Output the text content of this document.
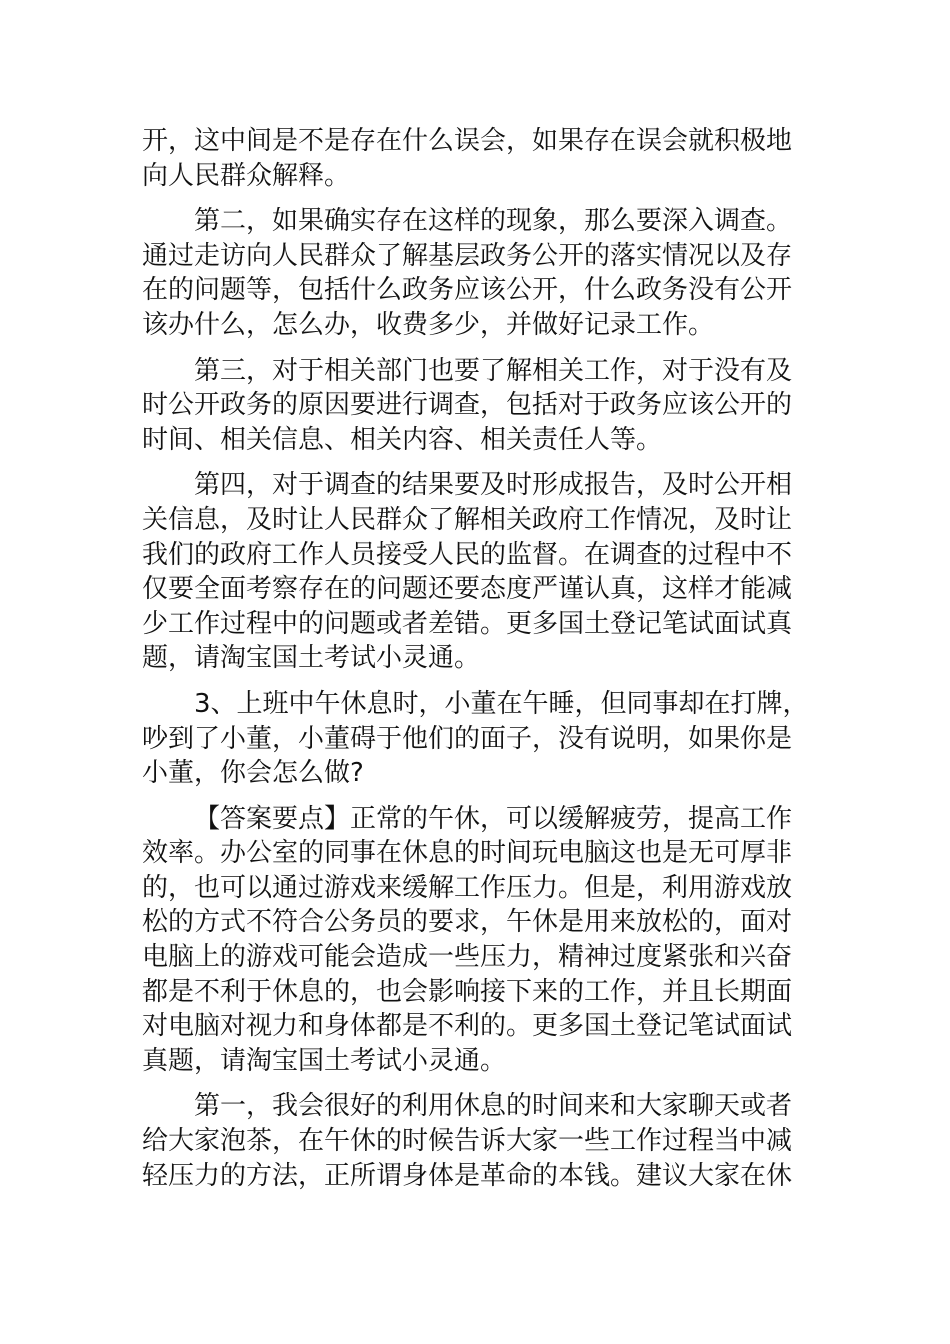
开，这中间是不是存在什么误会，如果存在误会就积极地
向人民群众解释。
第二，如果确实存在这样的现象，那么要深入调查。
通过走访向人民群众了解基层政务公开的落实情况以及存
在的问题等，包括什么政务应该公开，什么政务没有公开
该办什么，怎么办，收费多少，并做好记录工作。
第三，对于相关部门也要了解相关工作，对于没有及
时公开政务的原因要进行调查，包括对于政务应该公开的
时间、相关信息、相关内容、相关责任人等。
第四，对于调查的结果要及时形成报告，及时公开相
关信息，及时让人民群众了解相关政府工作情况，及时让
我们的政府工作人员接受人民的监督。在调查的过程中不
仅要全面考察存在的问题还要态度严谨认真，这样才能减
少工作过程中的问题或者差错。更多国土登记笔试面试真
题，请淘宝国土考试小灵通。
3、上班中午休息时，小董在午睡，但同事却在打牌，
吵到了小董，小董碍于他们的面子，没有说明，如果你是
小董，你会怎么做?
【答案要点】正常的午休，可以缓解疲劳，提高工作
效率。办公室的同事在休息的时间玩电脑这也是无可厚非
的，也可以通过游戏来缓解工作压力。但是，利用游戏放
松的方式不符合公务员的要求，午休是用来放松的，面对
电脑上的游戏可能会造成一些压力，精神过度紧张和兴奋
都是不利于休息的，也会影响接下来的工作，并且长期面
对电脑对视力和身体都是不利的。更多国土登记笔试面试
真题，请淘宝国土考试小灵通。
第一，我会很好的利用休息的时间来和大家聊天或者
给大家泡茶，在午休的时候告诉大家一些工作过程当中减
轻压力的方法，正所谓身体是革命的本钱。建议大家在休
